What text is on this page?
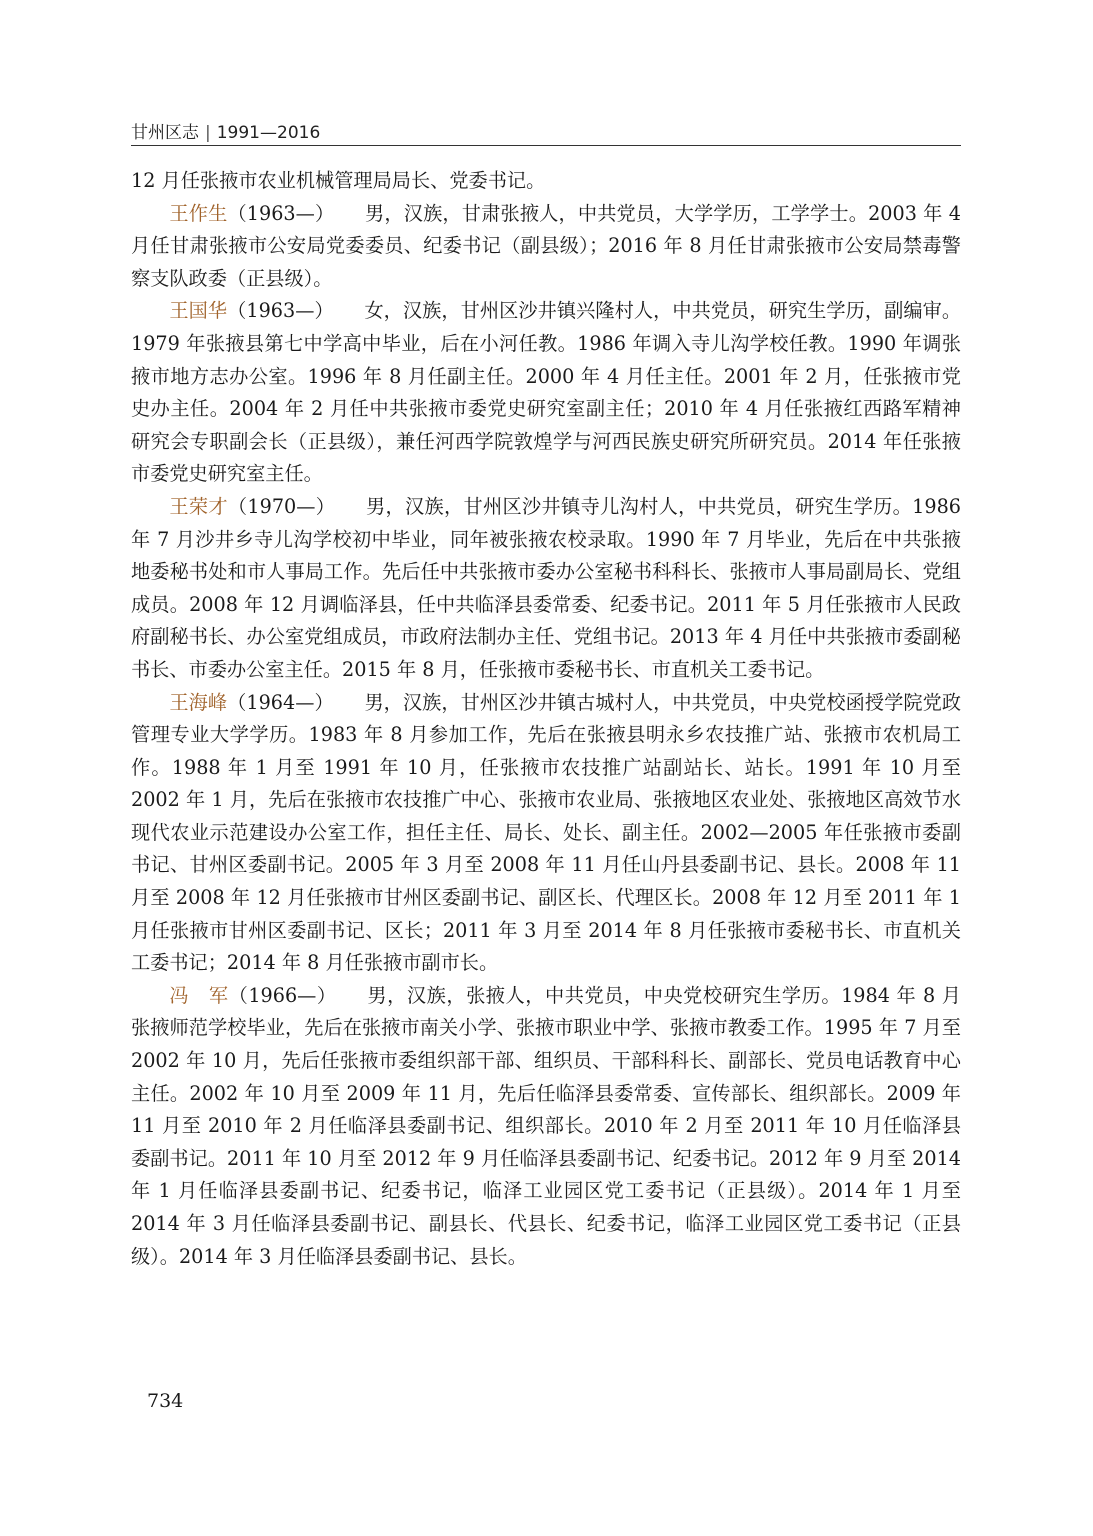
甘州区志 | 1991—2016

12 月任张掖市农业机械管理局局长、党委书记。

王作生（1963—） 男，汉族，甘肃张掖人，中共党员，大学学历，工学学士。2003 年 4 月任甘肃张掖市公安局党委委员、纪委书记（副县级）；2016 年 8 月任甘肃张掖市公安局禁毒警察支队政委（正县级）。

王国华（1963—） 女，汉族，甘州区沙井镇兴隆村人，中共党员，研究生学历，副编审。1979 年张掖县第七中学高中毕业，后在小河任教。1986 年调入寺儿沟学校任教。1990 年调张掖市地方志办公室。1996 年 8 月任副主任。2000 年 4 月任主任。2001 年 2 月，任张掖市党史办主任。2004 年 2 月任中共张掖市委党史研究室副主任；2010 年 4 月任张掖红西路军精神研究会专职副会长（正县级），兼任河西学院敦煌学与河西民族史研究所研究员。2014 年任张掖市委党史研究室主任。

王荣才（1970—） 男，汉族，甘州区沙井镇寺儿沟村人，中共党员，研究生学历。1986 年 7 月沙井乡寺儿沟学校初中毕业，同年被张掖农校录取。1990 年 7 月毕业，先后在中共张掖地委秘书处和市人事局工作。先后任中共张掖市委办公室秘书科科长、张掖市人事局副局长、党组成员。2008 年 12 月调临泽县，任中共临泽县委常委、纪委书记。2011 年 5 月任张掖市人民政府副秘书长、办公室党组成员，市政府法制办主任、党组书记。2013 年 4 月任中共张掖市委副秘书长、市委办公室主任。2015 年 8 月，任张掖市委秘书长、市直机关工委书记。

王海峰（1964—） 男，汉族，甘州区沙井镇古城村人，中共党员，中央党校函授学院党政管理专业大学学历。1983 年 8 月参加工作，先后在张掖县明永乡农技推广站、张掖市农机局工作。1988 年 1 月至 1991 年 10 月，任张掖市农技推广站副站长、站长。1991 年 10 月至 2002 年 1 月，先后在张掖市农技推广中心、张掖市农业局、张掖地区农业处、张掖地区高效节水现代农业示范建设办公室工作，担任主任、局长、处长、副主任。2002—2005 年任张掖市委副书记、甘州区委副书记。2005 年 3 月至 2008 年 11 月任山丹县委副书记、县长。2008 年 11 月至 2008 年 12 月任张掖市甘州区委副书记、副区长、代理区长。2008 年 12 月至 2011 年 1 月任张掖市甘州区委副书记、区长；2011 年 3 月至 2014 年 8 月任张掖市委秘书长、市直机关工委书记；2014 年 8 月任张掖市副市长。

冯　军（1966—） 男，汉族，张掖人，中共党员，中央党校研究生学历。1984 年 8 月张掖师范学校毕业，先后在张掖市南关小学、张掖市职业中学、张掖市教委工作。1995 年 7 月至 2002 年 10 月，先后任张掖市委组织部干部、组织员、干部科科长、副部长、党员电话教育中心主任。2002 年 10 月至 2009 年 11 月，先后任临泽县委常委、宣传部长、组织部长。2009 年 11 月至 2010 年 2 月任临泽县委副书记、组织部长。2010 年 2 月至 2011 年 10 月任临泽县委副书记。2011 年 10 月至 2012 年 9 月任临泽县委副书记、纪委书记。2012 年 9 月至 2014 年 1 月任临泽县委副书记、纪委书记，临泽工业园区党工委书记（正县级）。2014 年 1 月至 2014 年 3 月任临泽县委副书记、副县长、代县长、纪委书记，临泽工业园区党工委书记（正县级）。2014 年 3 月任临泽县委副书记、县长。

734
